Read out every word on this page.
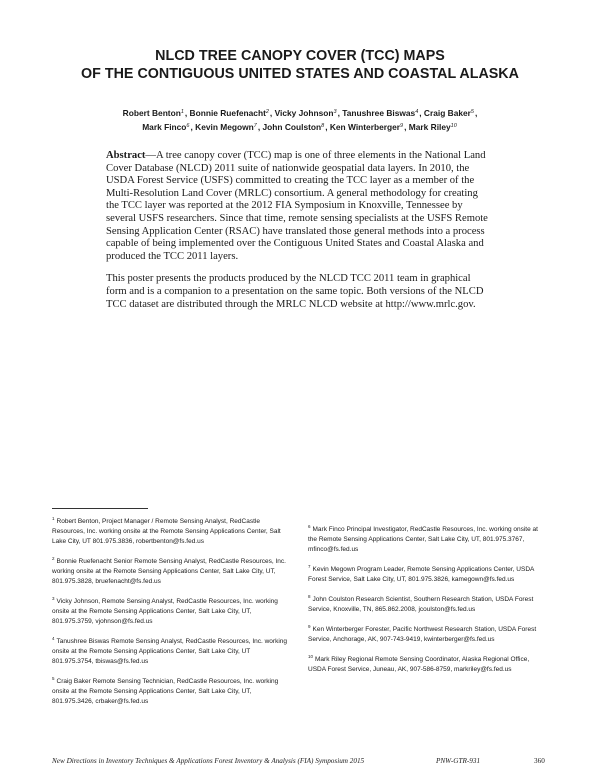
NLCD TREE CANOPY COVER (TCC) MAPS
OF THE CONTIGUOUS UNITED STATES AND COASTAL ALASKA
Robert Benton$^1$, Bonnie Ruefenacht$^2$, Vicky Johnson$^3$, Tanushree Biswas$^4$, Craig Baker$^5$,
Mark Finco$^6$, Kevin Megown$^7$, John Coulston$^8$, Ken Winterberger$^9$, Mark Riley$^{10}$

Abstract—A tree canopy cover (TCC) map is one of three elements in the National Land Cover Database (NLCD) 2011 suite of nationwide geospatial data layers. In 2010, the USDA Forest Service (USFS) committed to creating the TCC layer as a member of the Multi-Resolution Land Cover (MRLC) consortium. A general methodology for creating the TCC layer was reported at the 2012 FIA Symposium in Knoxville, Tennessee by several USFS researchers. Since that time, remote sensing specialists at the USFS Remote Sensing Application Center (RSAC) have translated those general methods into a process capable of being implemented over the Contiguous United States and Coastal Alaska and produced the TCC 2011 layers.

This poster presents the products produced by the NLCD TCC 2011 team in graphical form and is a companion to a presentation on the same topic. Both versions of the NLCD TCC dataset are distributed through the MRLC NLCD website at http://www.mrlc.gov.

$^1$ Robert Benton, Project Manager / Remote Sensing Analyst, RedCastle Resources, Inc. working onsite at the Remote Sensing Applications Center, Salt Lake City, UT 801.975.3836, robertbenton@fs.fed.us
$^2$ Bonnie Ruefenacht Senior Remote Sensing Analyst, RedCastle Resources, Inc. working onsite at the Remote Sensing Applications Center, Salt Lake City, UT, 801.975.3828, bruefenacht@fs.fed.us
$^3$ Vicky Johnson, Remote Sensing Analyst, RedCastle Resources, Inc. working onsite at the Remote Sensing Applications Center, Salt Lake City, UT, 801.975.3759, vjohnson@fs.fed.us
$^4$ Tanushree Biswas Remote Sensing Analyst, RedCastle Resources, Inc. working onsite at the Remote Sensing Applications Center, Salt Lake City, UT 801.975.3754, tbiswas@fs.fed.us
$^5$ Craig Baker Remote Sensing Technician, RedCastle Resources, Inc. working onsite at the Remote Sensing Applications Center, Salt Lake City, UT, 801.975.3426, crbaker@fs.fed.us
$^6$ Mark Finco Principal Investigator, RedCastle Resources, Inc. working onsite at the Remote Sensing Applications Center, Salt Lake City, UT, 801.975.3767, mfinco@fs.fed.us
$^7$ Kevin Megown Program Leader, Remote Sensing Applications Center, USDA Forest Service, Salt Lake City, UT, 801.975.3826, kamegown@fs.fed.us
$^8$ John Coulston Research Scientist, Southern Research Station, USDA Forest Service, Knoxville, TN, 865.862.2008, jcoulston@fs.fed.us
$^9$ Ken Winterberger Forester, Pacific Northwest Research Station, USDA Forest Service, Anchorage, AK, 907-743-9419, kwinterberger@fs.fed.us
$^{10}$ Mark Riley Regional Remote Sensing Coordinator, Alaska Regional Office, USDA Forest Service, Juneau, AK, 907-586-8759, markriley@fs.fed.us
New Directions in Inventory Techniques & Applications Forest Inventory & Analysis (FIA) Symposium 2015	PNW-GTR-931	360
